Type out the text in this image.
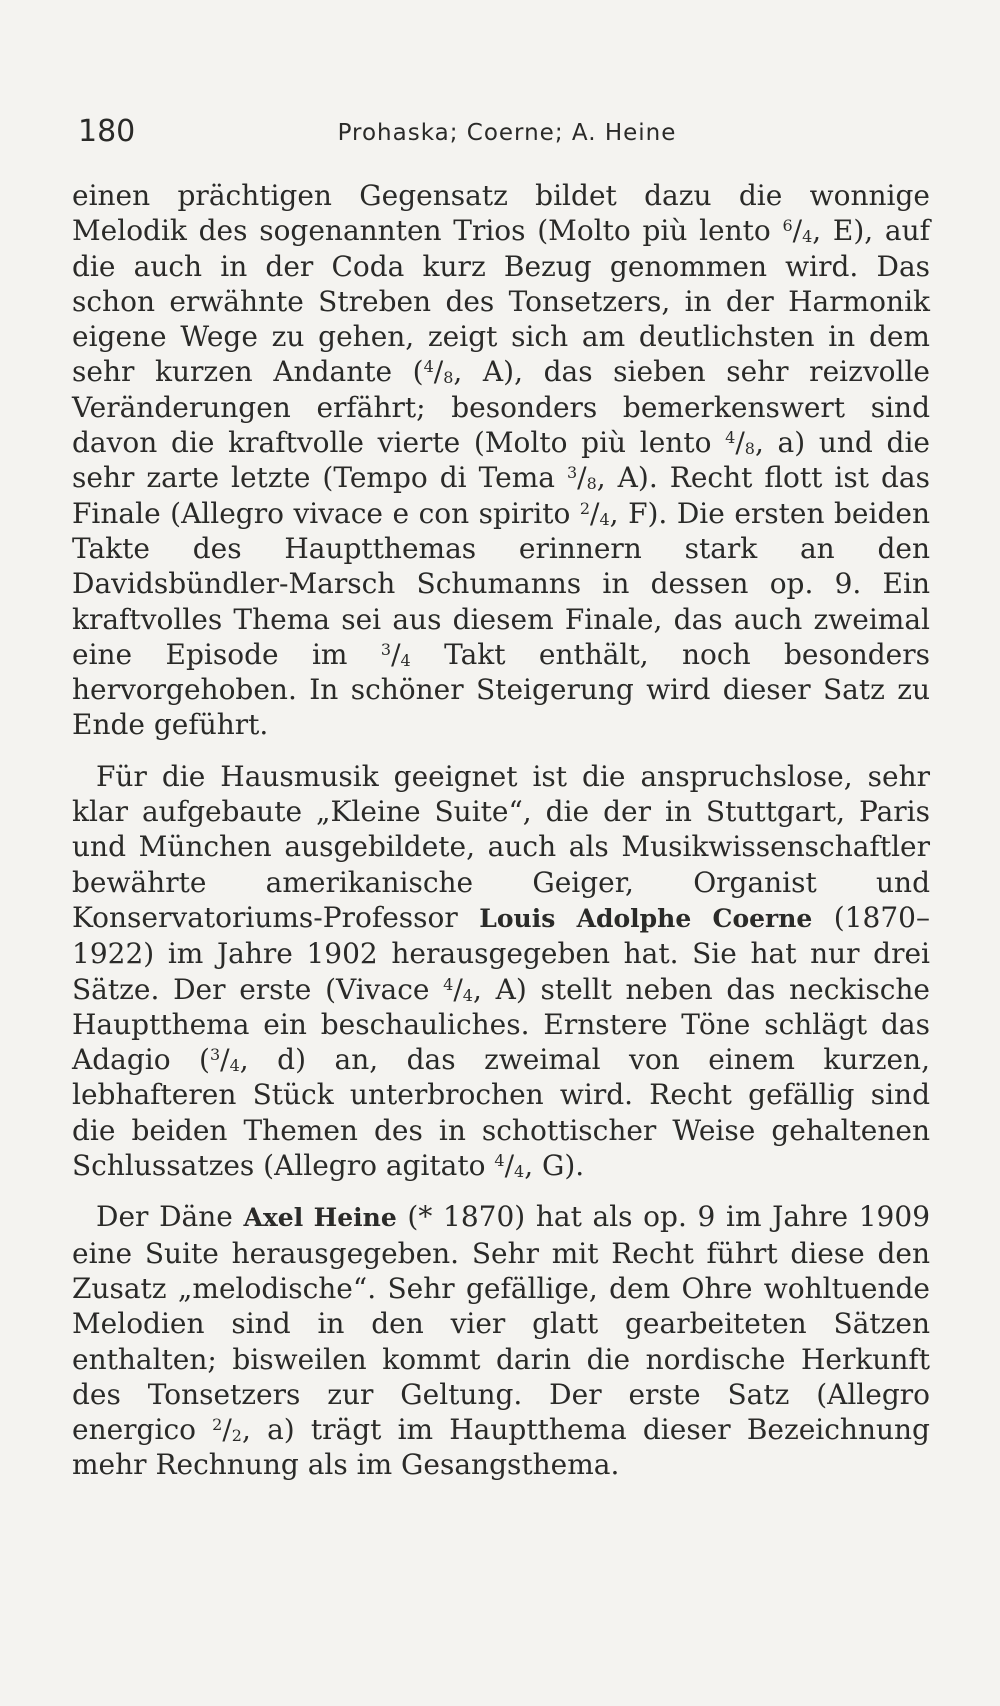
180	Prohaska; Coerne; A. Heine

einen prächtigen Gegensatz bildet dazu die wonnige Melodik des sogenannten Trios (Molto più lento $^6/_4$, E), auf die auch in der Coda kurz Bezug genommen wird. Das schon erwähnte Streben des Tonsetzers, in der Harmonik eigene Wege zu gehen, zeigt sich am deutlichsten in dem sehr kurzen Andante ($^4/_8$, A), das sieben sehr reizvolle Veränderungen erfährt; besonders bemerkenswert sind davon die kraftvolle vierte (Molto più lento $^4/_8$, a) und die sehr zarte letzte (Tempo di Tema $^3/_8$, A). Recht flott ist das Finale (Allegro vivace e con spirito $^2/_4$, F). Die ersten beiden Takte des Hauptthemas erinnern stark an den Davidsbündler-Marsch Schumanns in dessen op. 9. Ein kraftvolles Thema sei aus diesem Finale, das auch zweimal eine Episode im $^3/_4$ Takt enthält, noch besonders hervorgehoben. In schöner Steigerung wird dieser Satz zu Ende geführt.

Für die Hausmusik geeignet ist die anspruchslose, sehr klar aufgebaute „Kleine Suite“, die der in Stuttgart, Paris und München ausgebildete, auch als Musikwissenschaftler bewährte amerikanische Geiger, Organist und Konservatoriums-Professor Louis Adolphe Coerne (1870–1922) im Jahre 1902 herausgegeben hat. Sie hat nur drei Sätze. Der erste (Vivace $^4/_4$, A) stellt neben das neckische Hauptthema ein beschauliches. Ernstere Töne schlägt das Adagio ($^3/_4$, d) an, das zweimal von einem kurzen, lebhafteren Stück unterbrochen wird. Recht gefällig sind die beiden Themen des in schottischer Weise gehaltenen Schlussatzes (Allegro agitato $^4/_4$, G).

Der Däne Axel Heine (* 1870) hat als op. 9 im Jahre 1909 eine Suite herausgegeben. Sehr mit Recht führt diese den Zusatz „melodische“. Sehr gefällige, dem Ohre wohltuende Melodien sind in den vier glatt gearbeiteten Sätzen enthalten; bisweilen kommt darin die nordische Herkunft des Tonsetzers zur Geltung. Der erste Satz (Allegro energico $^2/_2$, a) trägt im Hauptthema dieser Bezeichnung mehr Rechnung als im Gesangsthema.
